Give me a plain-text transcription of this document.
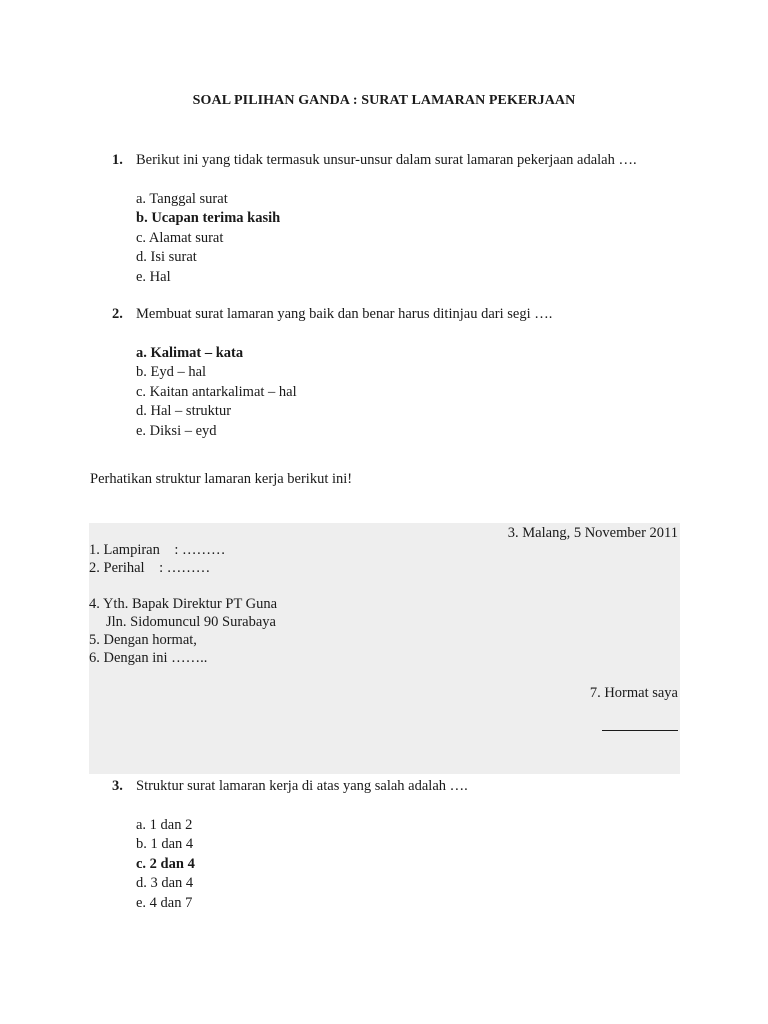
SOAL PILIHAN GANDA : SURAT LAMARAN PEKERJAAN
1. Berikut ini yang tidak termasuk unsur-unsur dalam surat lamaran pekerjaan adalah ….
a. Tanggal surat
b. Ucapan terima kasih
c. Alamat surat
d. Isi surat
e. Hal
2. Membuat surat lamaran yang baik dan benar harus ditinjau dari segi ….
a. Kalimat – kata
b. Eyd – hal
c. Kaitan antarkalimat – hal
d. Hal – struktur
e. Diksi – eyd
Perhatikan struktur lamaran kerja berikut ini!
3. Malang, 5 November 2011
1. Lampiran    : ………
2. Perihal    : ………
4. Yth. Bapak Direktur PT Guna
Jln. Sidomuncul 90 Surabaya
5. Dengan hormat,
6. Dengan ini ……..
7. Hormat saya
3. Struktur surat lamaran kerja di atas yang salah adalah ….
a. 1 dan 2
b. 1 dan 4
c. 2 dan 4
d. 3 dan 4
e. 4 dan 7
